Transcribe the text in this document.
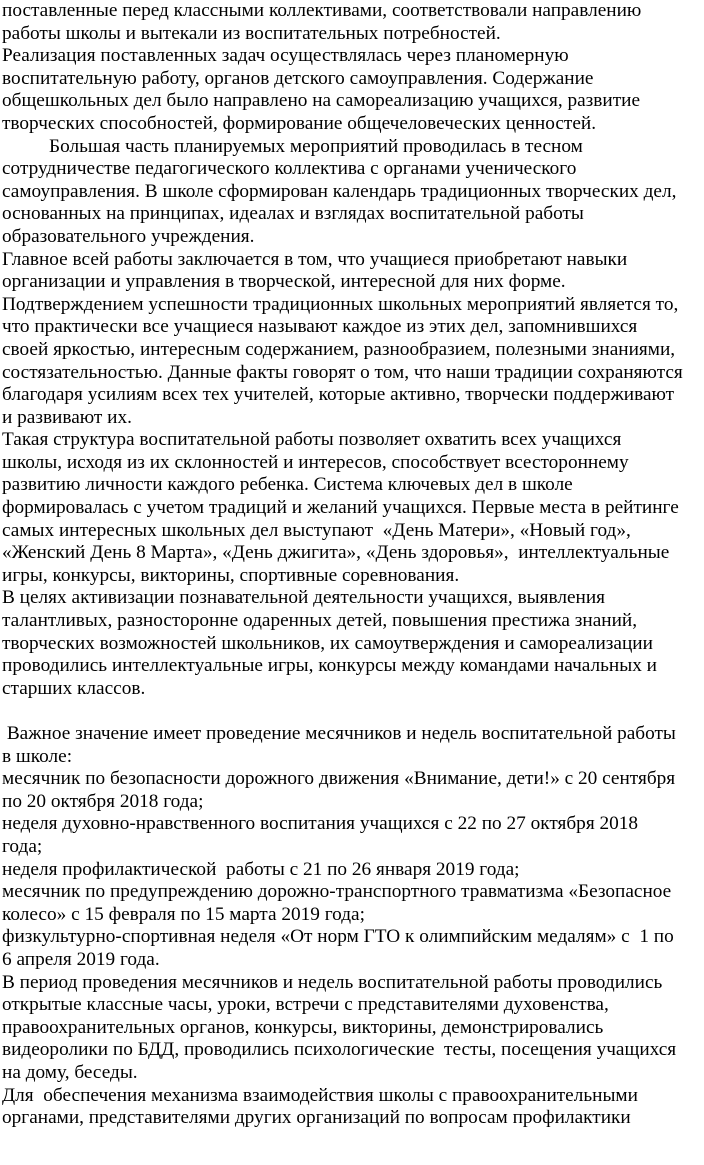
поставленные перед классными коллективами, соответствовали направлению
работы школы и вытекали из воспитательных потребностей.
Реализация поставленных задач осуществлялась через планомерную
воспитательную работу, органов детского самоуправления. Содержание
общешкольных дел было направлено на самореализацию учащихся, развитие
творческих способностей, формирование общечеловеческих ценностей.
Большая часть планируемых мероприятий проводилась в тесном
сотрудничестве педагогического коллектива с органами ученического
самоуправления. В школе сформирован календарь традиционных творческих дел,
основанных на принципах, идеалах и взглядах воспитательной работы
образовательного учреждения.
Главное всей работы заключается в том, что учащиеся приобретают навыки
организации и управления в творческой, интересной для них форме.
Подтверждением успешности традиционных школьных мероприятий является то,
что практически все учащиеся называют каждое из этих дел, запомнившихся
своей яркостью, интересным содержанием, разнообразием, полезными знаниями,
состязательностью. Данные факты говорят о том, что наши традиции сохраняются
благодаря усилиям всех тех учителей, которые активно, творчески поддерживают
и развивают их.
Такая структура воспитательной работы позволяет охватить всех учащихся
школы, исходя из их склонностей и интересов, способствует всестороннему
развитию личности каждого ребенка. Система ключевых дел в школе
формировалась с учетом традиций и желаний учащихся. Первые места в рейтинге
самых интересных школьных дел выступают  «День Матери», «Новый год»,
«Женский День 8 Марта», «День джигита», «День здоровья»,  интеллектуальные
игры, конкурсы, викторины, спортивные соревнования.
В целях активизации познавательной деятельности учащихся, выявления
талантливых, разносторонне одаренных детей, повышения престижа знаний,
творческих возможностей школьников, их самоутверждения и самореализации
проводились интеллектуальные игры, конкурсы между командами начальных и
старших классов.
Важное значение имеет проведение месячников и недель воспитательной работы
в школе:
месячник по безопасности дорожного движения «Внимание, дети!» с 20 сентября
по 20 октября 2018 года;
неделя духовно-нравственного воспитания учащихся с 22 по 27 октября 2018
года;
неделя профилактической  работы с 21 по 26 января 2019 года;
месячник по предупреждению дорожно-транспортного травматизма «Безопасное
колесо» с 15 февраля по 15 марта 2019 года;
физкультурно-спортивная неделя «От норм ГТО к олимпийским медалям» с  1 по
6 апреля 2019 года.
В период проведения месячников и недель воспитательной работы проводились
открытые классные часы, уроки, встречи с представителями духовенства,
правоохранительных органов, конкурсы, викторины, демонстрировались
видеоролики по БДД, проводились психологические  тесты, посещения учащихся
на дому, беседы.
Для  обеспечения механизма взаимодействия школы с правоохранительными
органами, представителями других организаций по вопросам профилактики
